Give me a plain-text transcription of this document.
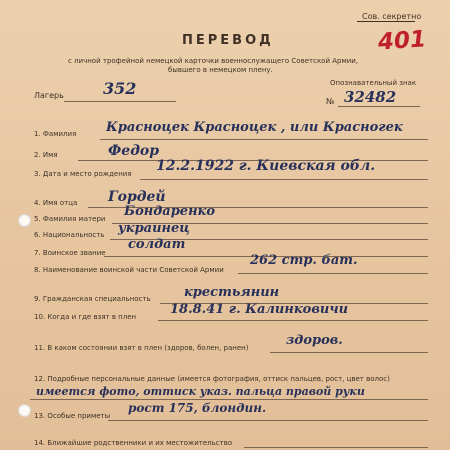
Сов. секретно
401
ПЕРЕВОД
с личной трофейной немецкой карточки военнослужащего Советской Армии,
бывшего в немецком плену.
Лагерь 352	Опознавательный знак
№ 32482
1. Фамилия Красноцек Красноцек , или Красногек
2. Имя	Федор
3. Дата и место рождения 12.2.1922 г. Киевская обл.
4. Имя отца Гордей
5. Фамилия матери Бондаренко
6. Национальность украинец
7. Воинское звание
солдат
8. Наименование воинской части Советской Армии
262 стр. бат.
9. Гражданская специальность	крестьянин
10. Когда и где взят в плен	18.8.41 г. Калинковичи
11. В каком состоянии взят в плен (здоров, болен, ранен)	здоров.
12. Подробные персональные данные (имеется фотография, оттиск пальцев, рост, цвет волос)
имеется фото, оттиск указ. пальца правой руки
13. Особые приметы
рост 175, блондин.
14. Ближайшие родственники и их местожительство
